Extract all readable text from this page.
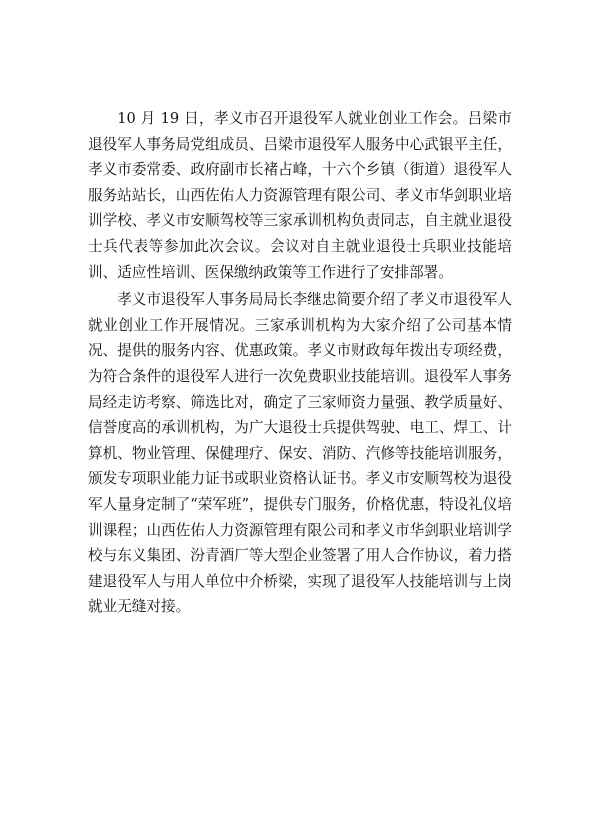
10 月 19 日，孝义市召开退役军人就业创业工作会。吕梁市退役军人事务局党组成员、吕梁市退役军人服务中心武银平主任，孝义市委常委、政府副市长褚占峰，十六个乡镇（街道）退役军人服务站站长，山西佐佑人力资源管理有限公司、孝义市华剑职业培训学校、孝义市安顺驾校等三家承训机构负责同志，自主就业退役士兵代表等参加此次会议。会议对自主就业退役士兵职业技能培训、适应性培训、医保缴纳政策等工作进行了安排部署。

孝义市退役军人事务局局长李继忠简要介绍了孝义市退役军人就业创业工作开展情况。三家承训机构为大家介绍了公司基本情况、提供的服务内容、优惠政策。孝义市财政每年拨出专项经费，为符合条件的退役军人进行一次免费职业技能培训。退役军人事务局经走访考察、筛选比对，确定了三家师资力量强、教学质量好、信誉度高的承训机构，为广大退役士兵提供驾驶、电工、焊工、计算机、物业管理、保健理疗、保安、消防、汽修等技能培训服务，颁发专项职业能力证书或职业资格认证书。孝义市安顺驾校为退役军人量身定制了“荣军班”，提供专门服务，价格优惠，特设礼仪培训课程；山西佐佑人力资源管理有限公司和孝义市华剑职业培训学校与东义集团、汾青酒厂等大型企业签署了用人合作协议，着力搭建退役军人与用人单位中介桥梁，实现了退役军人技能培训与上岗就业无缝对接。
